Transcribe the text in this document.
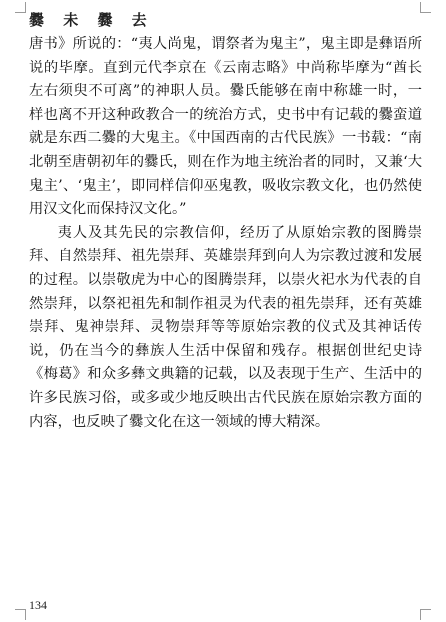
爨 未 爨 去

唐书》所说的：“夷人尚鬼，谓祭者为鬼主”，鬼主即是彝语所说的毕摩。直到元代李京在《云南志略》中尚称毕摩为“酋长左右须臾不可离”的神职人员。爨氏能够在南中称雄一时，一样也离不开这种政教合一的统治方式，史书中有记载的爨蛮道就是东西二爨的大鬼主。《中国西南的古代民族》一书载：“南北朝至唐朝初年的爨氏，则在作为地主统治者的同时，又兼‘大鬼主’、‘鬼主’，即同样信仰巫鬼教，吸收宗教文化，也仍然使用汉文化而保持汉文化。”

夷人及其先民的宗教信仰，经历了从原始宗教的图腾崇拜、自然崇拜、祖先崇拜、英雄崇拜到向人为宗教过渡和发展的过程。以崇敬虎为中心的图腾崇拜，以崇火祀水为代表的自然崇拜，以祭祀祖先和制作祖灵为代表的祖先崇拜，还有英雄崇拜、鬼神崇拜、灵物崇拜等等原始宗教的仪式及其神话传说，仍在当今的彝族人生活中保留和残存。根据创世纪史诗《梅葛》和众多彝文典籍的记载，以及表现于生产、生活中的许多民族习俗，或多或少地反映出古代民族在原始宗教方面的内容，也反映了爨文化在这一领域的博大精深。

134
